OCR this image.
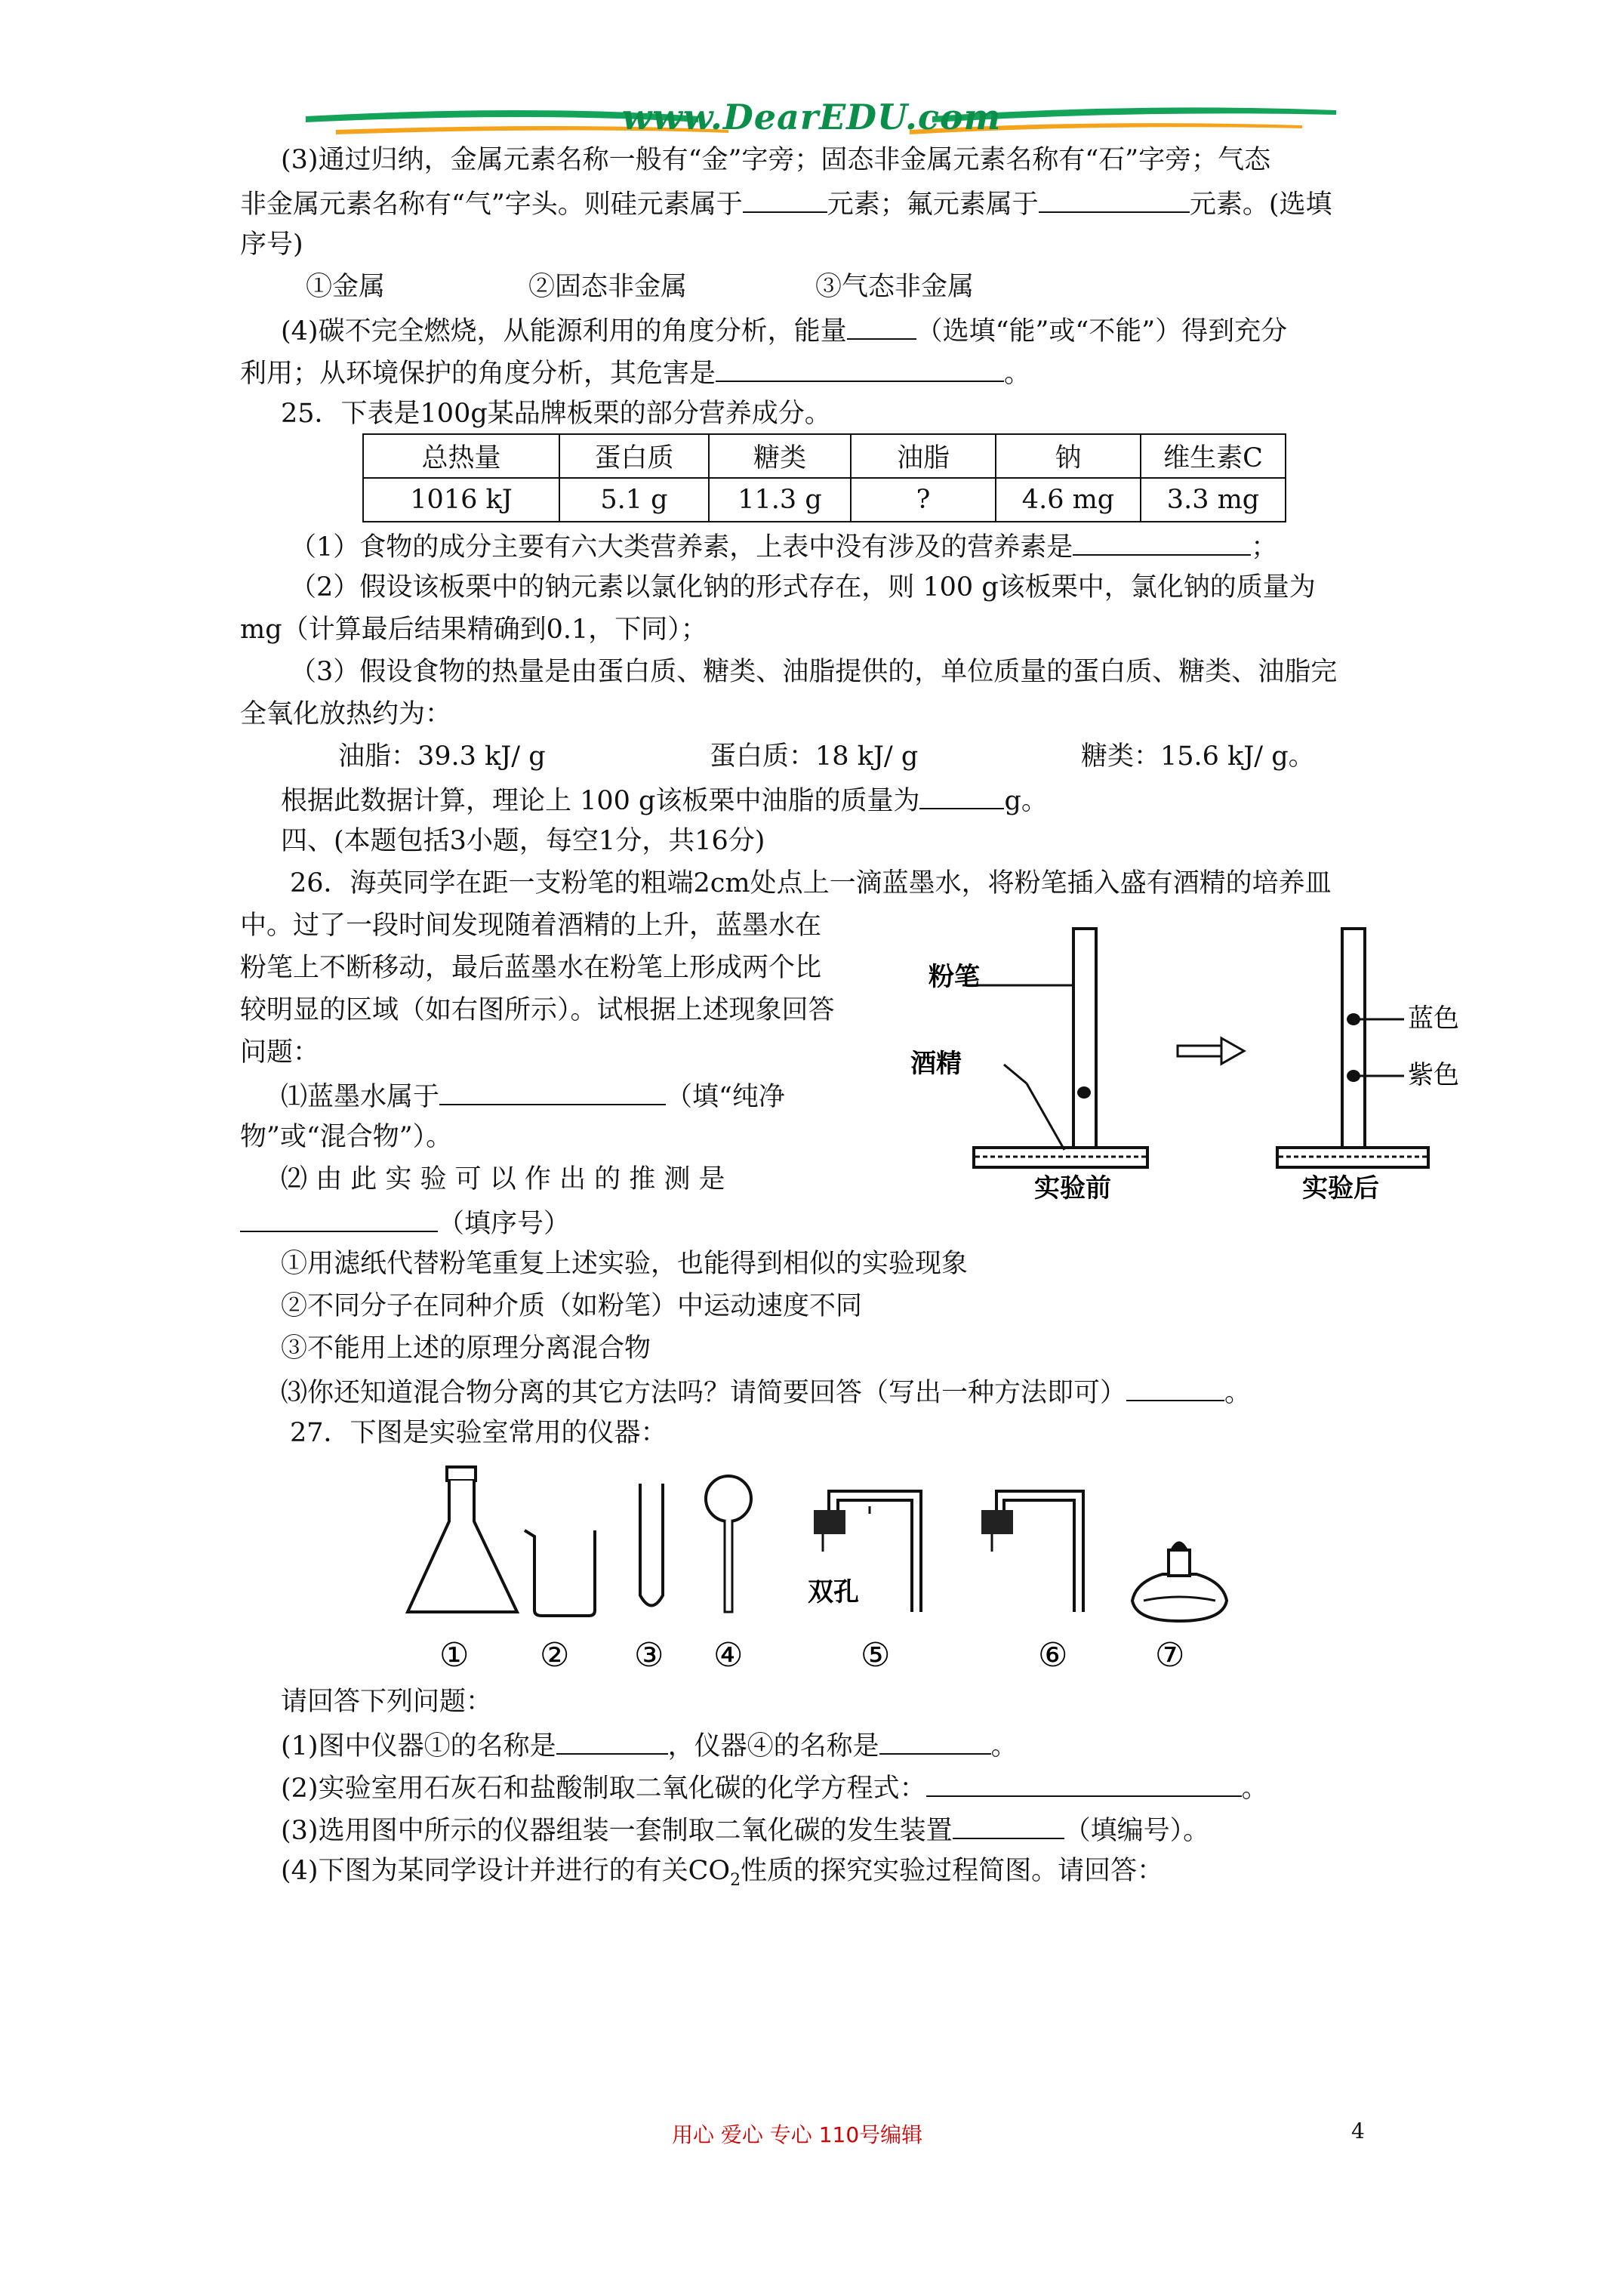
www.DearEDU.com
(3)通过归纳，金属元素名称一般有“金”字旁；固态非金属元素名称有“石”字旁；气态
非金属元素名称有“气”字头。则硅元素属于	元素；氟元素属于	元素。(选填
序号)
①金属	②固态非金属	③气态非金属
(4)碳不完全燃烧，从能源利用的角度分析，能量	（选填“能”或“不能”）得到充分
利用；从环境保护的角度分析，其危害是	。
25．下表是100g某品牌板栗的部分营养成分。
总热量	蛋白质	糖类	油脂	钠	维生素C
1016 kJ	5.1 g	11.3 g	?	4.6 mg	3.3 mg
（1）食物的成分主要有六大类营养素，上表中没有涉及的营养素是	；
（2）假设该板栗中的钠元素以氯化钠的形式存在，则 100 g该板栗中，氯化钠的质量为
mg（计算最后结果精确到0.1，下同）；
（3）假设食物的热量是由蛋白质、糖类、油脂提供的，单位质量的蛋白质、糖类、油脂完
全氧化放热约为：
油脂：39.3 kJ/ g	蛋白质：18 kJ/ g	糖类：15.6 kJ/ g。
根据此数据计算，理论上 100 g该板栗中油脂的质量为	g。
四、(本题包括3小题，每空1分，共16分)
26．海英同学在距一支粉笔的粗端2cm处点上一滴蓝墨水，将粉笔插入盛有酒精的培养皿
中。过了一段时间发现随着酒精的上升，蓝墨水在
粉笔上不断移动，最后蓝墨水在粉笔上形成两个比
较明显的区域（如右图所示）。试根据上述现象回答
问题：
⑴蓝墨水属于	（填“纯净
物”或“混合物”）。
⑵ 由 此 实 验 可 以 作 出 的 推 测 是
（填序号）
①用滤纸代替粉笔重复上述实验，也能得到相似的实验现象
②不同分子在同种介质（如粉笔）中运动速度不同
③不能用上述的原理分离混合物
⑶你还知道混合物分离的其它方法吗？请简要回答（写出一种方法即可）	。
粉笔
酒精
实验前
蓝色
紫色
实验后
27．下图是实验室常用的仪器：
双孔
① ② ③ ④	⑤	⑥	⑦
请回答下列问题：
(1)图中仪器①的名称是	，仪器④的名称是	。
(2)实验室用石灰石和盐酸制取二氧化碳的化学方程式：	。
(3)选用图中所示的仪器组装一套制取二氧化碳的发生装置	（填编号）。
(4)下图为某同学设计并进行的有关$CO_2$性质的探究实验过程简图。请回答：
用心 爱心 专心 110号编辑	4
